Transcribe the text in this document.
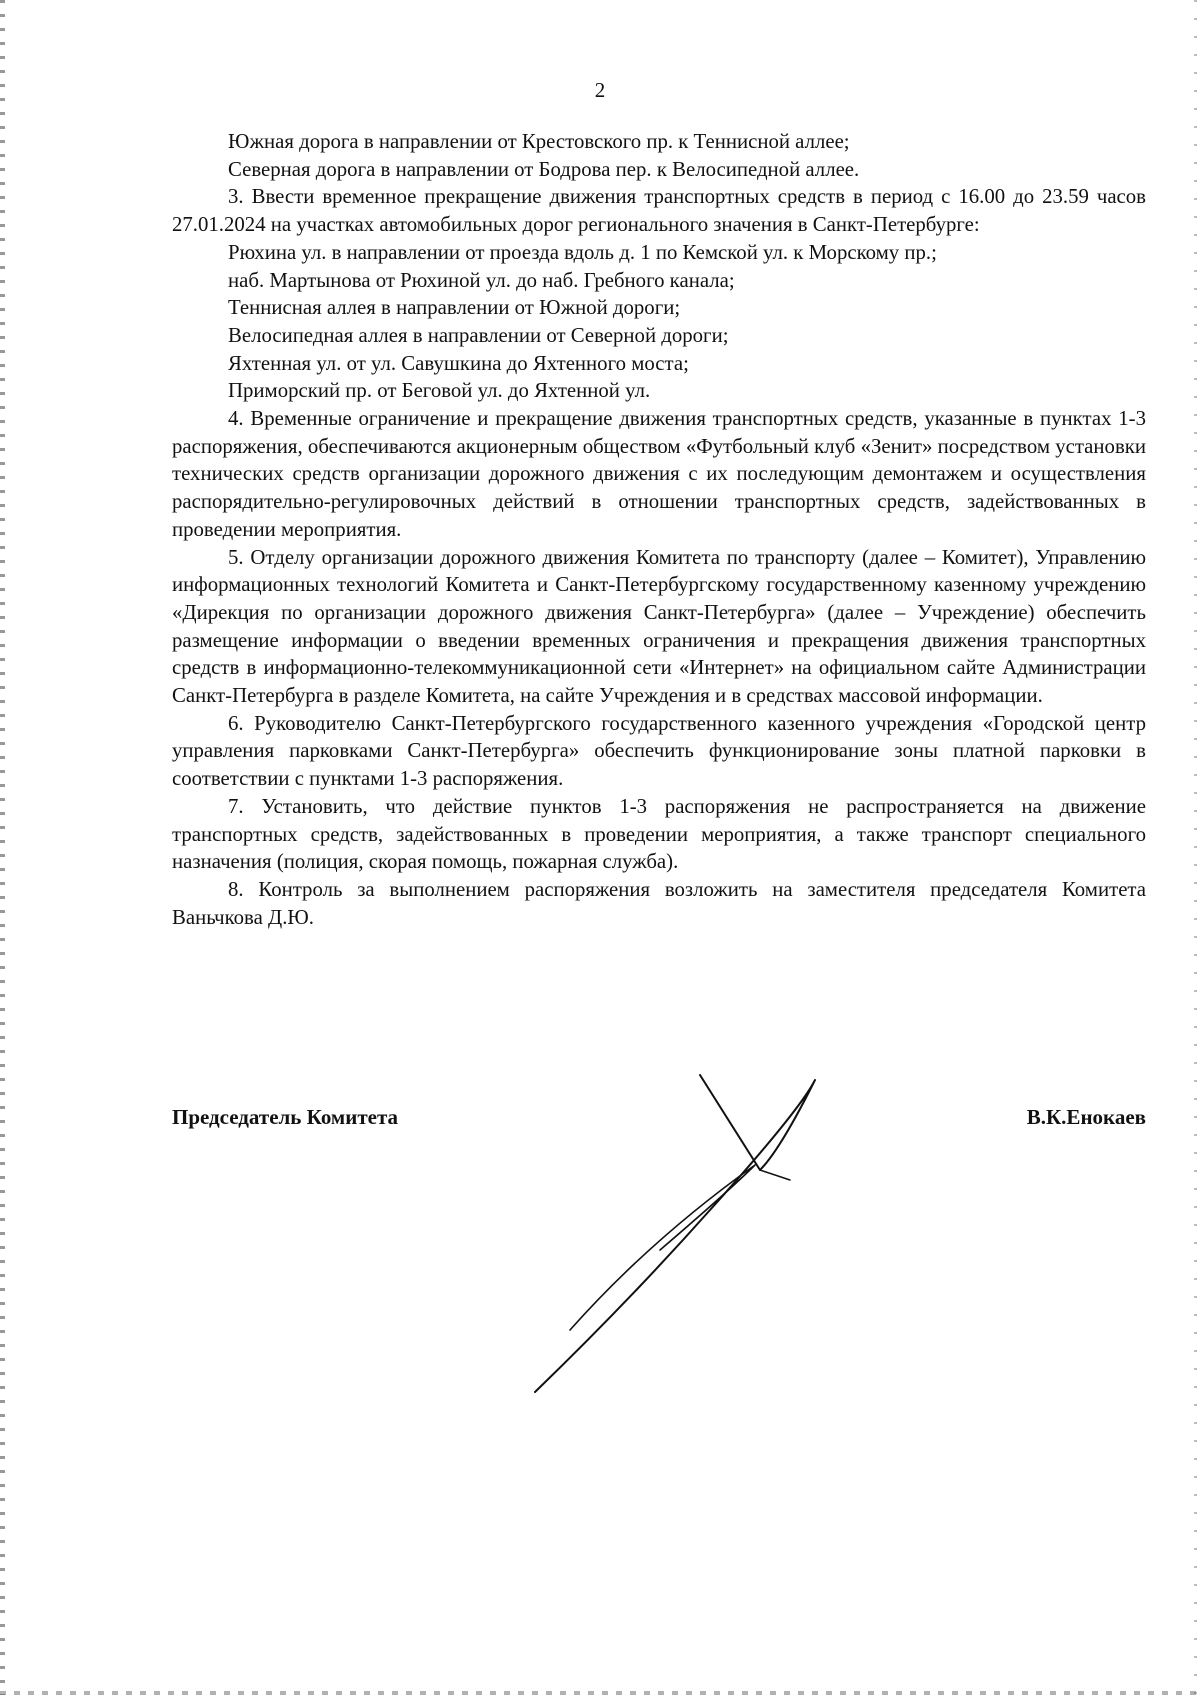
2

Южная дорога в направлении от Крестовского пр. к Теннисной аллее;

Северная дорога в направлении от Бодрова пер. к Велосипедной аллее.

3. Ввести временное прекращение движения транспортных средств в период с 16.00 до 23.59 часов 27.01.2024 на участках автомобильных дорог регионального значения в Санкт-Петербурге:

Рюхина ул. в направлении от проезда вдоль д. 1 по Кемской ул. к Морскому пр.;

наб. Мартынова от Рюхиной ул. до наб. Гребного канала;

Теннисная аллея в направлении от Южной дороги;

Велосипедная аллея в направлении от Северной дороги;

Яхтенная ул. от ул. Савушкина до Яхтенного моста;

Приморский пр. от Беговой ул. до Яхтенной ул.

4. Временные ограничение и прекращение движения транспортных средств, указанные в пунктах 1-3 распоряжения, обеспечиваются акционерным обществом «Футбольный клуб «Зенит» посредством установки технических средств организации дорожного движения с их последующим демонтажем и осуществления распорядительно-регулировочных действий в отношении транспортных средств, задействованных в проведении мероприятия.

5. Отделу организации дорожного движения Комитета по транспорту (далее – Комитет), Управлению информационных технологий Комитета и Санкт-Петербургскому государственному казенному учреждению «Дирекция по организации дорожного движения Санкт-Петербурга» (далее – Учреждение) обеспечить размещение информации о введении временных ограничения и прекращения движения транспортных средств в информационно-телекоммуникационной сети «Интернет» на официальном сайте Администрации Санкт-Петербурга в разделе Комитета, на сайте Учреждения и в средствах массовой информации.

6. Руководителю Санкт-Петербургского государственного казенного учреждения «Городской центр управления парковками Санкт-Петербурга» обеспечить функционирование зоны платной парковки в соответствии с пунктами 1-3 распоряжения.

7. Установить, что действие пунктов 1-3 распоряжения не распространяется на движение транспортных средств, задействованных в проведении мероприятия, а также транспорт специального назначения (полиция, скорая помощь, пожарная служба).

8. Контроль за выполнением распоряжения возложить на заместителя председателя Комитета Ваньчкова Д.Ю.

Председатель Комитета	В.К.Енокаев
